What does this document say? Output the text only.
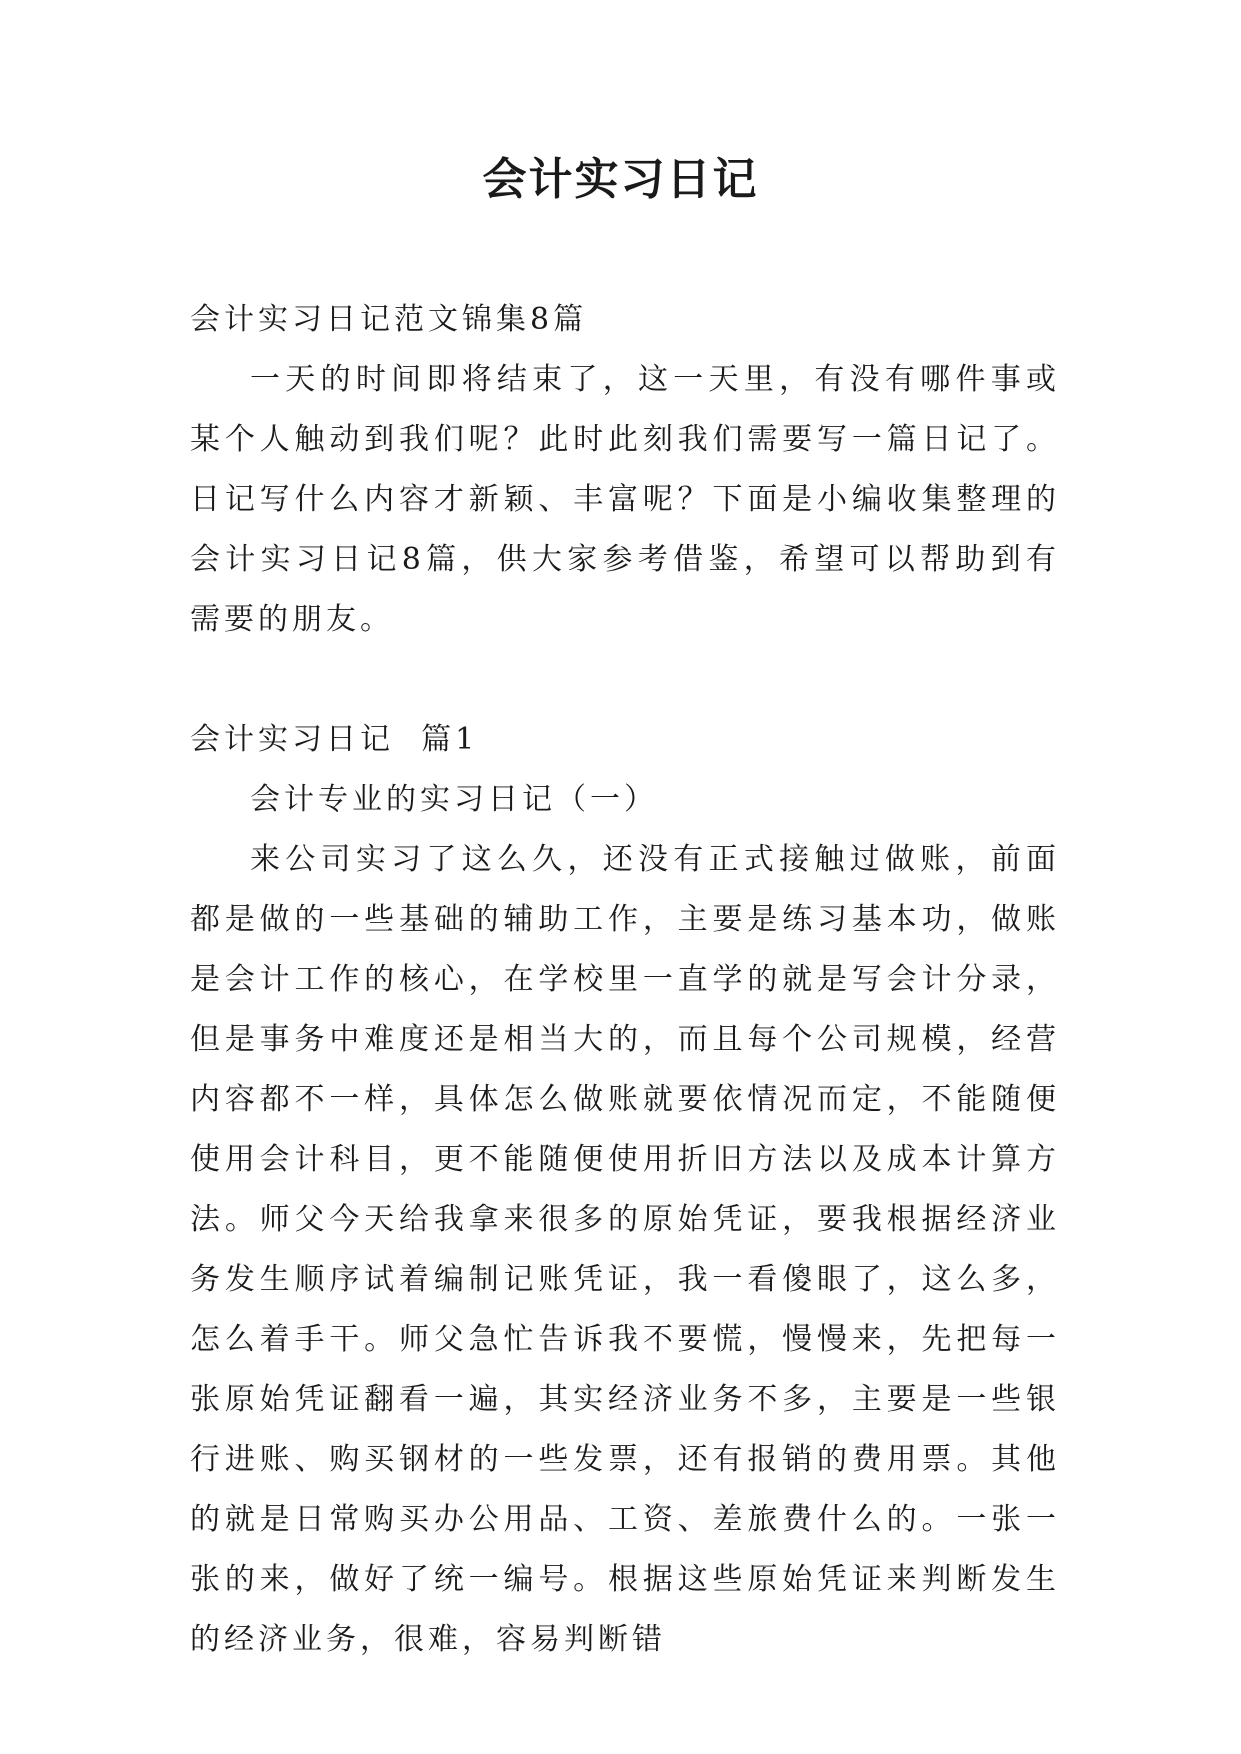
会计实习日记

会计实习日记范文锦集8篇

一天的时间即将结束了，这一天里，有没有哪件事或某个人触动到我们呢？此时此刻我们需要写一篇日记了。日记写什么内容才新颖、丰富呢？下面是小编收集整理的会计实习日记8篇，供大家参考借鉴，希望可以帮助到有需要的朋友。

会计实习日记  篇1

会计专业的实习日记（一）

来公司实习了这么久，还没有正式接触过做账，前面都是做的一些基础的辅助工作，主要是练习基本功，做账是会计工作的核心，在学校里一直学的就是写会计分录，但是事务中难度还是相当大的，而且每个公司规模，经营内容都不一样，具体怎么做账就要依情况而定，不能随便使用会计科目，更不能随便使用折旧方法以及成本计算方法。师父今天给我拿来很多的原始凭证，要我根据经济业务发生顺序试着编制记账凭证，我一看傻眼了，这么多，怎么着手干。师父急忙告诉我不要慌，慢慢来，先把每一张原始凭证翻看一遍，其实经济业务不多，主要是一些银行进账、购买钢材的一些发票，还有报销的费用票。其他的就是日常购买办公用品、工资、差旅费什么的。一张一张的来，做好了统一编号。根据这些原始凭证来判断发生的经济业务，很难，容易判断错
